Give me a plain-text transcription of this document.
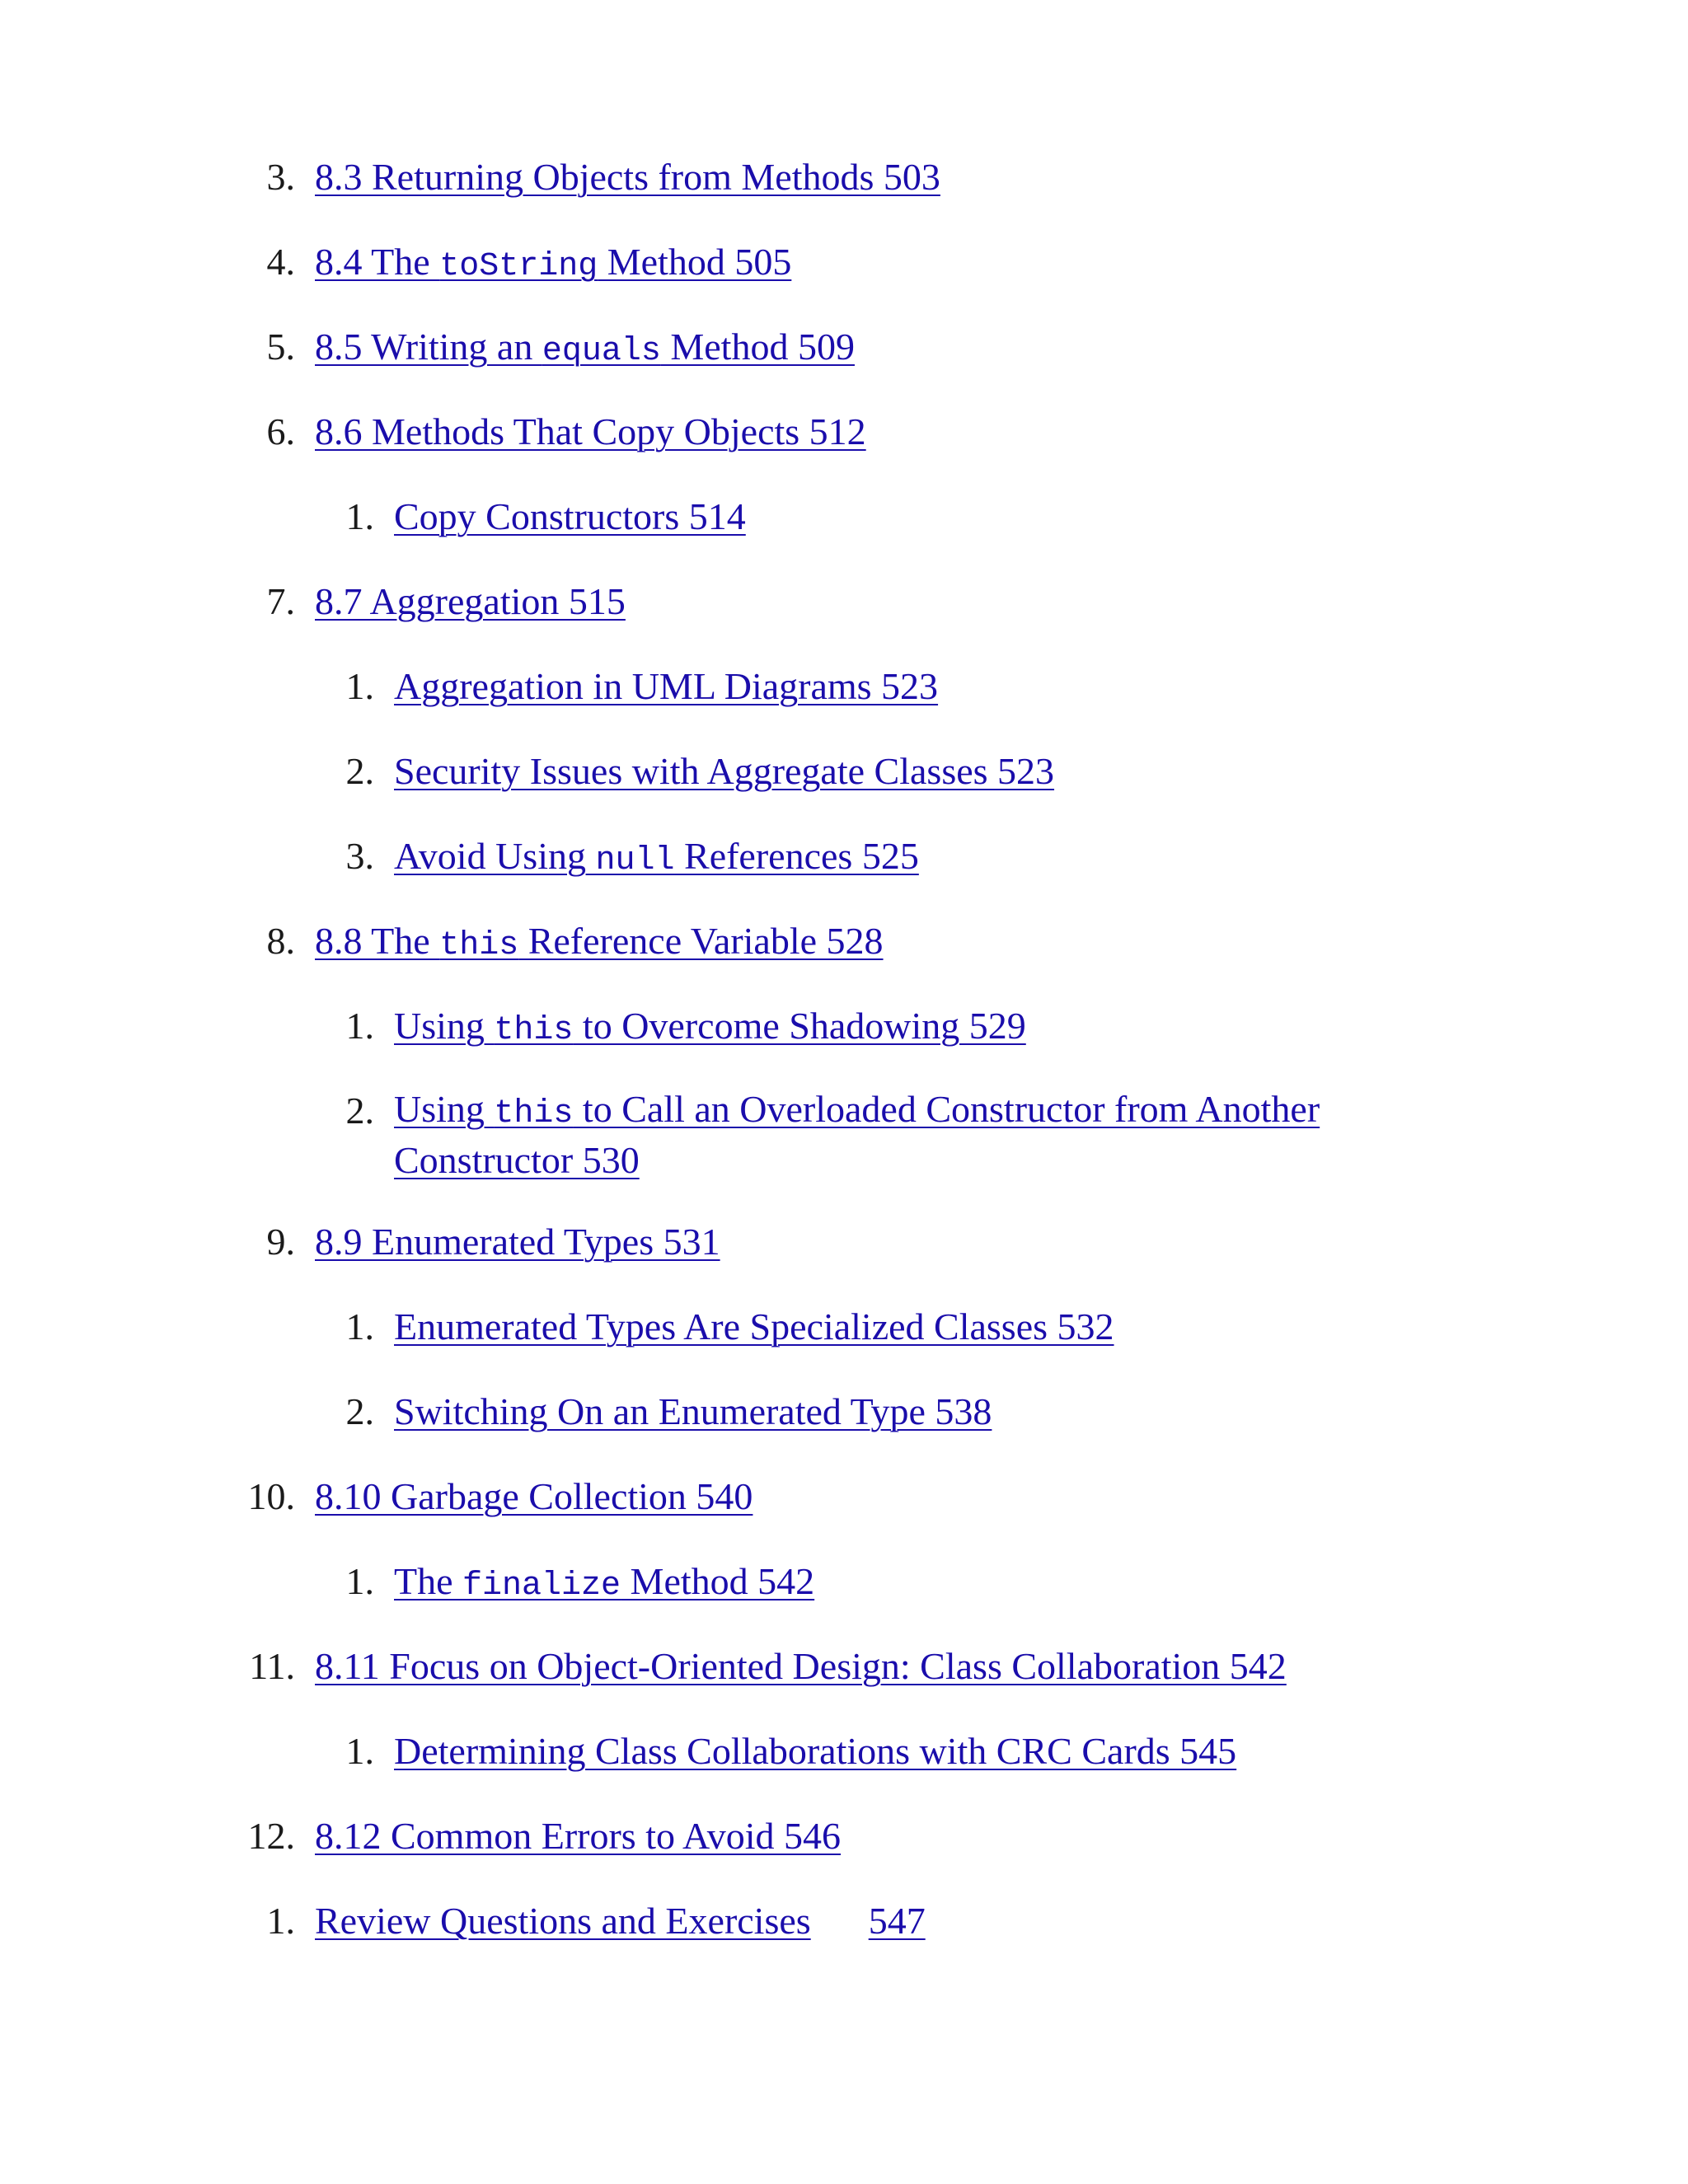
3. 8.3 Returning Objects from Methods 503
4. 8.4 The toString Method 505
5. 8.5 Writing an equals Method 509
6. 8.6 Methods That Copy Objects 512
1. Copy Constructors 514
7. 8.7 Aggregation 515
1. Aggregation in UML Diagrams 523
2. Security Issues with Aggregate Classes 523
3. Avoid Using null References 525
8. 8.8 The this Reference Variable 528
1. Using this to Overcome Shadowing 529
2. Using this to Call an Overloaded Constructor from Another Constructor 530
9. 8.9 Enumerated Types 531
1. Enumerated Types Are Specialized Classes 532
2. Switching On an Enumerated Type 538
10. 8.10 Garbage Collection 540
1. The finalize Method 542
11. 8.11 Focus on Object-Oriented Design: Class Collaboration 542
1. Determining Class Collaborations with CRC Cards 545
12. 8.12 Common Errors to Avoid 546
1. Review Questions and Exercises 547
